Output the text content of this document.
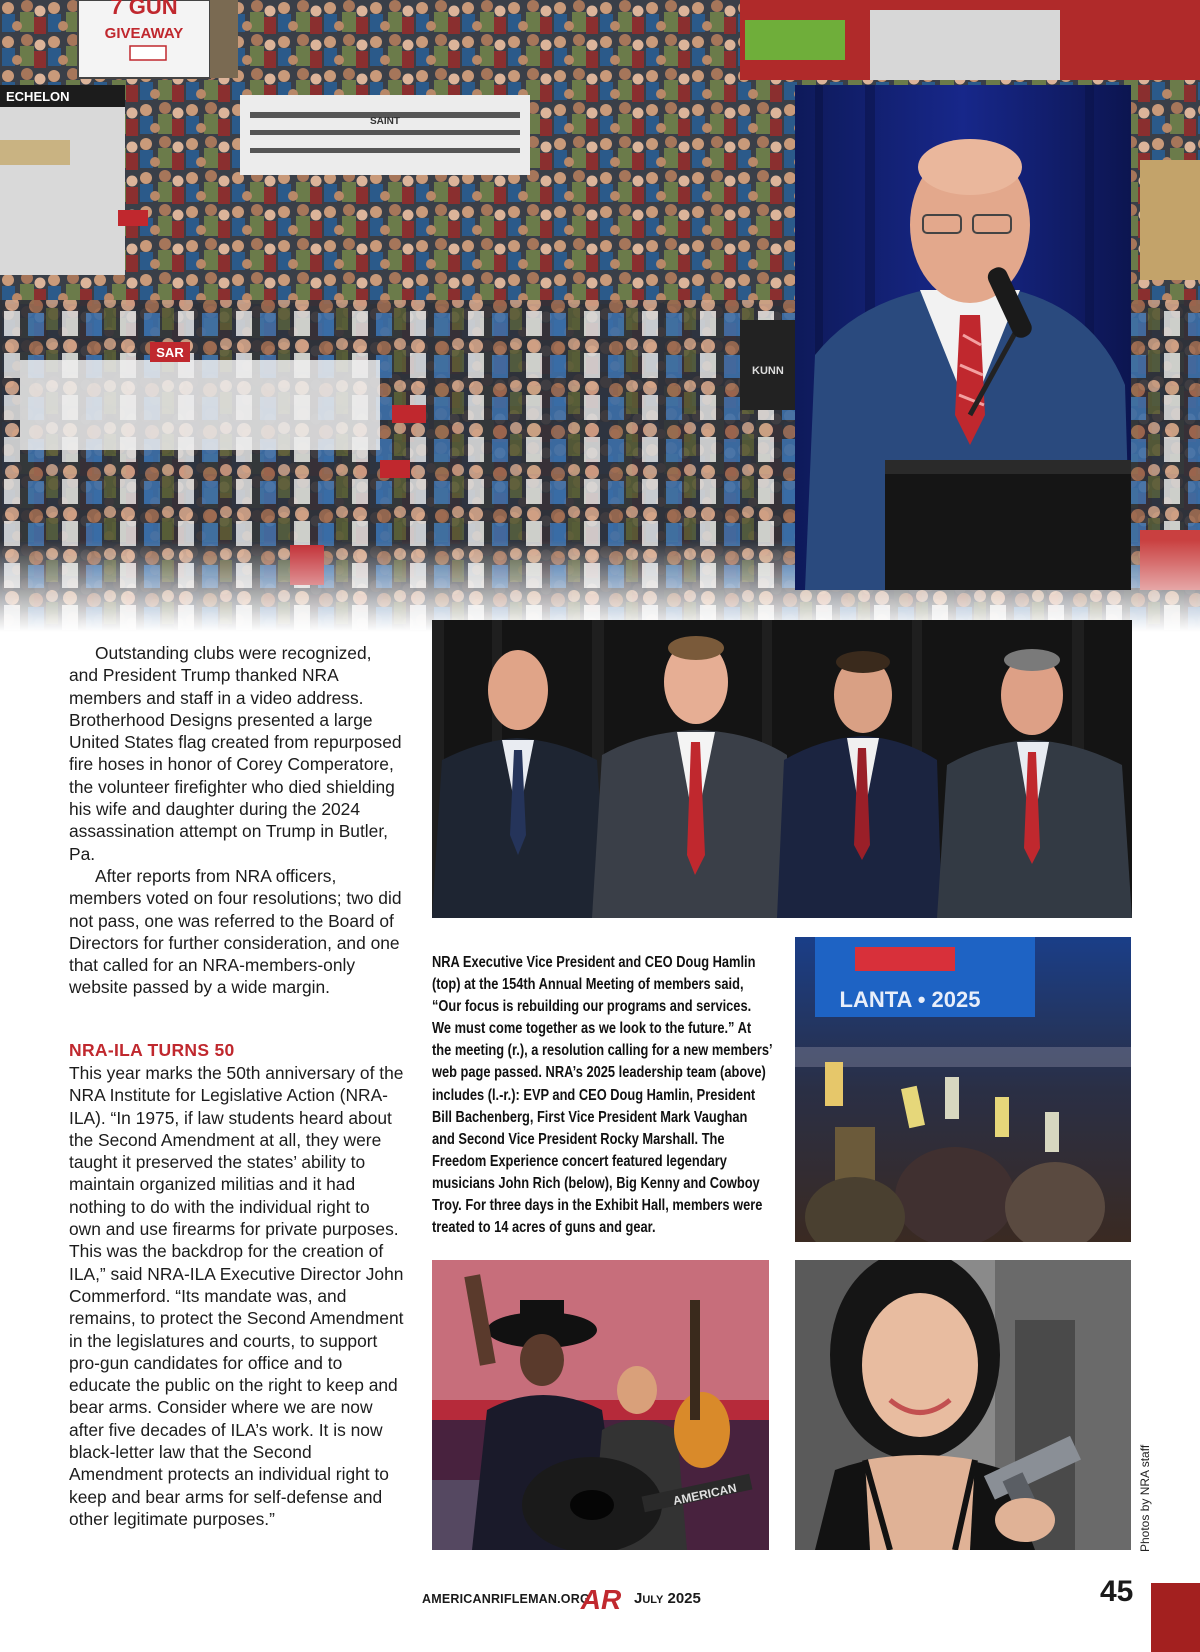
7 GUN
GIVEAWAY
ECHELON
SAINT
KUNN
SAR
LANTA • 2025
AMERICAN

Outstanding clubs were recognized, and President Trump thanked NRA members and staff in a video address. Brotherhood Designs presented a large United States flag created from repurposed fire hoses in honor of Corey Comperatore, the volunteer firefighter who died shielding his wife and daughter during the 2024 assassination attempt on Trump in Butler, Pa.

After reports from NRA officers, members voted on four resolutions; two did not pass, one was referred to the Board of Directors for further consideration, and one that called for an NRA-members-only website passed by a wide margin.

NRA-ILA TURNS 50

This year marks the 50th anniversary of the NRA Institute for Legislative Action (NRA-ILA). “In 1975, if law students heard about the Second Amendment at all, they were taught it preserved the states’ ability to maintain organized militias and it had nothing to do with the individual right to own and use firearms for private purposes. This was the backdrop for the creation of ILA,” said NRA-ILA Executive Director John Commerford. “Its mandate was, and remains, to protect the Second Amendment in the legislatures and courts, to support pro-gun candidates for office and to educate the public on the right to keep and bear arms. Consider where we are now after five decades of ILA’s work. It is now black-letter law that the Second Amendment protects an individual right to keep and bear arms for self-defense and other legitimate purposes.”

NRA Executive Vice President and CEO Doug Hamlin (top) at the 154th Annual Meeting of members said, “Our focus is rebuilding our programs and services. We must come together as we look to the future.” At the meeting (r.), a resolution calling for a new members’ web page passed. NRA’s 2025 leadership team (above) includes (l.-r.): EVP and CEO Doug Hamlin, President Bill Bachenberg, First Vice President Mark Vaughan and Second Vice President Rocky Marshall. The Freedom Experience concert featured legendary musicians John Rich (below), Big Kenny and Cowboy Troy. For three days in the Exhibit Hall, members were treated to 14 acres of guns and gear.
Photos by NRA staff
AMERICANRIFLEMAN.ORG
AR July 2025	45
